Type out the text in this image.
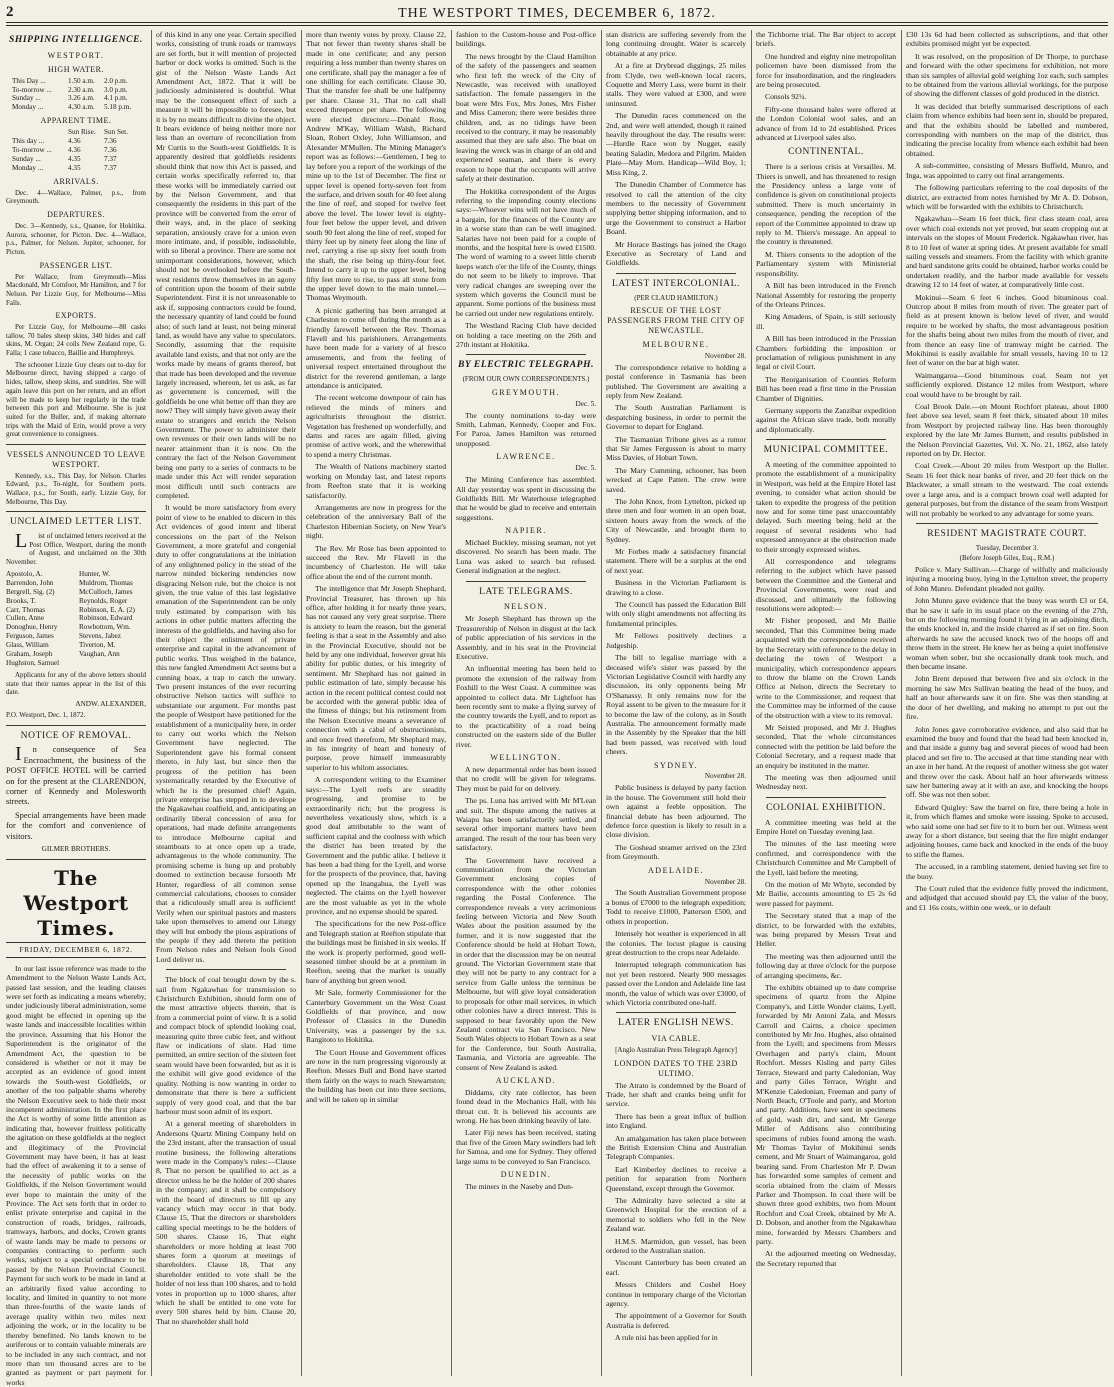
2	THE WESTPORT TIMES, DECEMBER 6, 1872.
SHIPPING INTELLIGENCE.
WESTPORT.
HIGH WATER.
This Day ...	1.50 a.m.	2.0 p.m.
To-morrow ...	2.30 a.m.	3.0 p.m.
Sunday ...	3.26 a.m.	4.1 p.m.
Monday ...	4.30 a.m.	5.18 p.m.
APPARENT TIME.
Sun Rise.	Sun Set.
This day ...	4.36	7.36
To-morrow ...	4.36	7.36
Sunday ...	4.35	7.37
Monday ...	4.35	7.37
ARRIVALS.

Dec. 4—Wallace, Palmer, p.s., from Greymouth.

DEPARTURES.

Dec. 3—Kennedy, s.s., Quanee, for Hokitika. Aurora, schooner, for Picton. Dec. 4—Wallace, p.s., Palmer, for Nelson. Jupiter, schooner, for Picton.

PASSENGER LIST.

Per Wallace, from Greymouth—Miss Macdonald, Mr Comfoot, Mr Hamilton, and 7 for Nelson. Per Lizzie Guy, for Melbourne—Miss Falls.

EXPORTS.

Per Lizzie Guy, for Melbourne—88 casks tallow, 70 bales sheep skins, 340 hides and calf skins, M. Organ; 24 coils New Zealand rope, G. Falla; 1 case tobacco, Baillie and Humphreys.

The schooner Lizzie Guy clears out to-day for Melbourne direct, having shipped a cargo of hides, tallow, sheep skins, and sundries. She will again leave this port on her return, and an effort will be made to keep her regularly in the trade between this port and Melbourne. She is just suited for the Buller, and, if making alternate trips with the Maid of Erin, would prove a very great convenience to consignees.

VESSELS ANNOUNCED TO LEAVE WESTPORT.

Kennedy, s.s., This Day, for Nelson. Charles Edward, p.s., To-night, for Southern ports. Wallace, p.s., for South, early. Lizzie Guy, for Melbourne, This Day.

UNCLAIMED LETTER LIST.

List of unclaimed letters received at the Post Office, Westport, during the month of August, and unclaimed on the 30th November.

Apostolo, A.	Hunter, W.
Barrendon, John	Muldrom, Thomas
Bergrell, Sig. (2)	McCulloch, James
Brooks, T.	Reynolds, Roger
Carr, Thomas	Robinson, E. A. (2)
Cullen, Anne	Robinson, Edward
Donoghue, Henry	Rowbottom, Wm.
Ferguson, James	Stevens, Jabez
Glass, William	Tiverton, M.
Graham, Joseph	Vaughan, Ann
Hughston, Samuel

Applicants for any of the above letters should state that their names appear in the list of this date.

ANDW. ALEXANDER,

P.O. Westport, Dec. 1, 1872.

NOTICE OF REMOVAL.

In consequence of Sea Encroachment, the business of the POST OFFICE HOTEL will be carried on for the present at the CLARENDON, corner of Kennedy and Molesworth streets.

Special arrangements have been made for the comfort and convenience of visitors.

GILMER BROTHERS.
The Westport Times.
FRIDAY, DECEMBER 6, 1872.

In our last issue reference was made to the Amendment to the Nelson Waste Lands Act, passed last session, and the leading clauses were set forth as indicating a means whereby, under judiciously liberal administration, some good might be effected in opening up the waste lands and inaccessible localities within the province. Assuming that his Honor the Superintendent is the originator of the Amendment Act, the question to be considered is whether or not it may be accepted as an evidence of good intent towards the South-west Goldfields, or another of the too palpable shams whereby the Nelson Executive seek to hide their most incompetent administration. In the first place the Act is worthy of some little attention as indicating that, however fruitless politically the agitation on these goldfields at the neglect and illegitimacy of the Provincial Government may have been, it has at least had the effect of awakening it to a sense of the necessity of public works on the Goldfields, if the Nelson Government would ever hope to maintain the unity of the Province. The Act sets forth that in order to enlist private enterprise and capital in the construction of roads, bridges, railroads, tramways, harbors, and docks, Crown grants of waste lands may be made to persons or companies contracting to perform such works, subject to a special ordinance to be passed by the Nelson Provincial Council. Payment for such work to be made in land at an arbitrarily fixed value according to locality, and limited in quantity to not more than three-fourths of the waste lands of average quality within two miles next adjoining the work, or in the locality to be thereby benefitted. No lands known to be auriferous or to contain valuable minerals are to be included in any such contract, and not more than ten thousand acres are to be granted as payment or part payment for works

of this kind in any one year. Certain specified works, consisting of trunk roads or tramways are set forth, but it will mention of projected harbor or dock works is omitted. Such is the gist of the Nelson Waste Lands Act Amendment Act, 1872. That it will be judiciously administered is doubtful. What may be the consequent effect of such a measure it will be impossible to foresee, but it is by no means difficult to divine the object. It bears evidence of being neither more nor less than an overture of reconciliation from Mr Curtis to the South-west Goldfields. It is apparently desired that goldfields residents should think that now this Act is passed, and certain works specifically referred to, that these works will be immediately carried out by the Nelson Government, and that consequently the residents in this part of the province will be converted from the error of their ways, and, in the place of seeking separation, anxiously crave for a union even more intimate, and, if possible, indissoluble, with so liberal a province. There are some not unimportant considerations, however, which should not be overlooked before the South-west residents throw themselves in an agony of contrition upon the bosom of their subtle Superintendent. First it is not unreasonable to ask if, supposing contractors could be found, the necessary quantity of land could be found also; of such land at least, not being mineral land, as would have any value to speculators. Secondly, assuming that the requisite available land exists, and that not only are the works made by means of grants thereof, but that trade has been developed and the revenue largely increased, whereon, let us ask, as far as government is concerned, will the goldfields be one whit better off than they are now? They will simply have given away their estate to strangers and enrich the Nelson Government. The power to administer their own revenues or their own lands will be no nearer attainment than it is now. On the contrary the fact of the Nelson Government being one party to a series of contracts to be made under this Act will render separation most difficult until such contracts are completed.

It would be more satisfactory from every point of view to be enabled to discern in this Act evidences of good intent and liberal concessions on the part of the Nelson Government, a more grateful and congenial duty to offer congratulations at the initiation of any enlightened policy in the stead of the narrow minded bickering tendencies now disgracing Nelson rule, but the choice is not given, the true value of this last legislative emanation of the Superintendent can be only truly estimated by comparison with his actions in other public matters affecting the interests of the goldfields, and having also for their object the enlistment of private enterprise and capital in the advancement of public works. Thus weighed in the balance, this new fangled Amendment Act seems but a cunning hoax, a trap to catch the unwary. Two present instances of the ever recurring obstructive Nelson tactics will suffice to substantiate our argument. For months past the people of Westport have petitioned for the establishment of a municipality here, in order to carry out works which the Nelson Government have neglected. The Superintendent gave his formal consent thereto, in July last, but since then the progress of the petition has been systematically retarded by the Executive of which he is the presumed chief! Again, private enterprise has stepped in to develope the Ngakawhau coalfield, and, anticipating an ordinarily liberal concession of area for operations, had made definite arrangements to introduce Melbourne capital and steamboats to at once open up a trade, advantageous to the whole community. The promising scheme is hung up and probably doomed to extinction because forsooth Mr Hunter, regardless of all common sense commercial calculations, chooses to consider that a ridiculously small area is sufficient! Verily when our spiritual pastors and masters take upon themselves to amend our Liturgy they will but embody the pious aspirations of the people if they add thereto the petition From Nelson rules and Nelson fools Good Lord deliver us.

The block of coal brought down by the s. sail from Ngakawhau for transmission to Christchurch Exhibition, should form one of the most attractive objects therein, that is from a commercial point of view. It is a solid and compact block of splendid looking coal, measuring quite three cubic feet, and without flaw or indications of slate. Had time permitted, an entire section of the sixteen feet seam would have been forwarded, but as it is the exhibit will give good evidence of the quality. Nothing is now wanting in order to demonstrate that there is here a sufficient supply of very good coal, and that the bar harbour must soon admit of its export.

At a general meeting of shareholders in Andersons Quartz Mining Company held on the 23rd instant, after the transaction of usual routine business, the following alterations were made in the Company's rules:—Clause 8, That no person be qualified to act as a director unless he be the holder of 200 shares in the company; and it shall be compulsory with the board of directors to fill up any vacancy which may occur in that body. Clause 15, That the directors or shareholders calling special meetings to be the holders of 500 shares. Clause 16, That eight shareholders or more holding at least 700 shares form a quorum at meetings of shareholders. Clause 18, That any shareholder entitled to vote shall be the holder of not less than 100 shares, and to hold votes in proportion up to 1000 shares, after which he shall be entitled to one vote for every 500 shares held by him. Clause 20, That no shareholder shall hold

more than twenty votes by proxy. Clause 22, That not fewer than twenty shares shall be made in one certificate; and any person requiring a less number than twenty shares on one certificate, shall pay the manager a fee of one shilling for each certificate. Clause 30, That the transfer fee shall be one halfpenny per share. Clause 31, That no call shall exceed threepence per share. The following were elected directors:—Donald Ross, Andrew M'Kay, William Walsh, Richard Sloan, Robert Oxley, John Williamson, and Alexander M'Mullen. The Mining Manager's report was as follows:—Gentlemen, I beg to lay before you a report of the workings of the mine up to the 1st of December. The first or upper level is opened forty-seven feet from the surface, and driven south for 40 feet along the line of reef, and stoped for twelve feet above the level. The lower level is eighty-four feet below the upper level, and driven south 90 feet along the line of reef, stoped for thirty feet up by ninety feet along the line of reef, carrying a rise up sixty feet south from the shaft, the rise being up thirty-four feet. Intend to carry it up to the upper level, being fifty feet more to rise, to pass all stone from the upper level down to the main tunnel.—Thomas Weymouth.

A picnic gathering has been arranged at Charleston to come off during the month as a friendly farewell between the Rev. Thomas Flavell and his parishioners. Arrangements have been made for a variety of al fresco amusements, and from the feeling of universal respect entertained throughout the district for the reverend gentleman, a large attendance is anticipated.

The recent welcome downpour of rain has relieved the minds of miners and agriculturists throughout the district. Vegetation has freshened up wonderfully, and dams and races are again filled, giving promise of active work, and the wherewithal to spend a merry Christmas.

The Wealth of Nations machinery started working on Monday last, and latest reports from Reefton state that it is working satisfactorily.

Arrangements are now in progress for the celebration of the anniversary Ball of the Charleston Hibernian Society, on New Year's night.

The Rev. Mr Rose has been appointed to succeed the Rev. Mr Flavell in the incumbency of Charleston. He will take office about the end of the current month.

The intelligence that Mr Joseph Shephard, Provincial Treasurer, has thrown up his office, after holding it for nearly three years, has not caused any very great surprise. There is anxiety to learn the reason, but the general feeling is that a seat in the Assembly and also in the Provincial Executive, should not be held by any one individual, however great his ability for public duties, or his integrity of sentiment. Mr Shephard has not gained in public estimation of late, simply because his action in the recent political contest could not be accorded with the general public idea of the fitness of things; but his retirement from the Nelson Executive means a severance of connection with a cabal of obstructionists, and once freed therefrom, Mr Shephard may, in his integrity of heart and honesty of purpose, prove himself immeasurably superior to his whilom associates.

A correspondent writing to the Examiner says:—The Lyell reefs are steadily progressing, and promise to be extraordinarily rich; but the progress is nevertheless vexatiously slow, which is a good deal attributable to the want of sufficient capital and the coolness with which the district has been treated by the Government and the public alike. I believe it has been a bad thing for the Lyell, and worse for the prospects of the province, that, having opened up the Inangahua, the Lyell was neglected. The claims on the Lyell however are the most valuable as yet in the whole province, and no expense should be spared.

The specifications for the new Post-office and Telegraph station at Reefton stipulate that the buildings must be finished in six weeks. If the work is properly performed, good well-seasoned timber should be at a premium in Reefton, seeing that the market is usually bare of anything but green wood.

Mr Sale, formerly Commissioner for the Canterbury Government on the West Coast Goldfields of that province, and now Professor of Classics in the Dunedin University, was a passenger by the s.s. Rangitoto to Hokitika.

The Court House and Government offices are now in the turn progressing vigorously at Reefton. Messrs Bull and Bond have started them fairly on the ways to reach Stewartston; the building has been cut into three sections, and will be taken up in similar

fashion to the Custom-house and Post-office buildings.

The news brought by the Claud Hamilton of the safety of the passengers and seamen who first left the wreck of the City of Newcastle, was received with unalloyed satisfaction. The female passengers in the boat were Mrs Fox, Mrs Jones, Mrs Fisher and Miss Cameron; there were besides three children, and, as no tidings have been received to the contrary, it may be reasonably assumed that they are safe also. The boat on leaving the wreck was in charge of an old and experienced seaman, and there is every reason to hope that the occupants will arrive safely at their destination.

The Hokitika correspondent of the Argus referring to the impending county elections says:—Whoever wins will not have much of a bargain, for the finances of the County are in a worse state than can be well imagined. Salaries have not been paid for a couple of months, and the hospital here is owed £1500. The word of warning to a sweet little cherub keeps watch o'er the life of the County, things do not seem to be likely to improve. That very radical changes are sweeping over the system which governs the Council must be apparent. Some portions of the business must be carried out under new regulations entirely.

The Westland Racing Club have decided on holding a race meeting on the 26th and 27th instant at Hokitika.

BY ELECTRIC TELEGRAPH.
(FROM OUR OWN CORRESPONDENTS.)
GREYMOUTH.
Dec. 5.

The county nominations to-day were Smith, Lahman, Kennedy, Cooper and Fox. For Paroa, James Hamilton was returned unopposed.

LAWRENCE.
Dec. 5.

The Mining Conference has assembled. All day yesterday was spent in discussing the Goldfields Bill. Mr Waterhouse telegraphed that he would be glad to receive and entertain suggestions.

NAPIER.

Michael Buckley, missing seaman, not yet discovered. No search has been made. The Luna was asked to search but refused. General indignation at the neglect.

LATE TELEGRAMS.
NELSON.

Mr Joseph Shephard has thrown up the Treasurership of Nelson in disgust at the lack of public appreciation of his services in the Assembly, and in his seat in the Provincial Executive.

An influential meeting has been held to promote the extension of the railway from Foxhill to the West Coast. A committee was appointed to collect data. Mr Lightfoot has been recently sent to make a flying survey of the country towards the Lyell, and to report as to the practicability of a road being constructed on the eastern side of the Buller river.

WELLINGTON.

A new departmental order has been issued that no credit will be given for telegrams. They must be paid for on delivery.

The ps. Luna has arrived with Mr M'Lean and suit. The dispute among the natives at Waiapu has been satisfactorily settled, and several other important matters have been arranged. The result of the tour has been very satisfactory.

The Government have received a communication from the Victorian Government enclosing copies of correspondence with the other colonies regarding the Postal Conference. The correspondence reveals a very acrimonious feeling between Victoria and New South Wales about the position assumed by the former, and it is now suggested that the Conference should be held at Hobart Town, in order that the discussion may be on neutral ground. The Victorian Government state that they will not be party to any contract for a service from Galle unless the terminus be Melbourne, but will give loyal consideration to proposals for other mail services, in which other colonies have a direct interest. This is supposed to bear favorably upon the New Zealand contract via San Francisco. New South Wales objects to Hobart Town as a seat for the Conference, but South Australia, Tasmania, and Victoria are agreeable. The consent of New Zealand is asked.

AUCKLAND.

Diddams, city rate collector, has been found dead in the Mechanics Hall, with his throat cut. It is believed his accounts are wrong. He has been drinking heavily of late.

Later Fiji news has been received, stating that five of the Green Mary swindlers had left for Samoa, and one for Sydney. They offered large sums to be conveyed to San Francisco.

DUNEDIN.

The miners in the Naseby and Dun-

stan districts are suffering severely from the long continuing drought. Water is scarcely obtainable at any price.

At a fire at Drybread diggings, 25 miles from Clyde, two well-known local racers, Coquette and Merry Lass, were burnt in their stalls. They were valued at £300, and were uninsured.

The Dunedin races commenced on the 2nd, and were well attended, though it rained heavily throughout the day. The results were:—Hurdle Race won by Nugget, easily beating Saladin, Medora and Pilgrim. Maiden Plate—May Morn. Handicap—Wild Boy, 1; Miss King, 2.

The Dunedin Chamber of Commerce has resolved to call the attention of the city members to the necessity of Government supplying better shipping information, and to urge the Government to construct a Harbor Board.

Mr Horace Bastings has joined the Otago Executive as Secretary of Land and Goldfields.

LATEST INTERCOLONIAL.
(PER CLAUD HAMILTON.)
RESCUE OF THE LOST PASSENGERS FROM THE CITY OF NEWCASTLE.
MELBOURNE.
November 28.

The correspondence relative to holding a postal conference in Tasmania has been published. The Government are awaiting a reply from New Zealand.

The South Australian Parliament is despatching business, in order to permit the Governor to depart for England.

The Tasmanian Tribune gives as a rumor that Sir James Fergusson is about to marry Miss Davies, of Hobart Town.

The Mary Cumming, schooner, has been wrecked at Cape Patten. The crew were saved.

The John Knox, from Lyttelton, picked up three men and four women in an open boat, sixteen hours away from the wreck of the City of Newcastle, and brought them to Sydney.

Mr Forbes made a satisfactory financial statement. There will be a surplus at the end of next year.

Business in the Victorian Parliament is drawing to a close.

The Council has passed the Education Bill with only slight amendments not affecting its fundamental principles.

Mr Fellows positively declines a Judgeship.

The bill to legalise marriage with a deceased wife's sister was passed by the Victorian Legislative Council with hardly any discussion, its only opponents being Mr O'Shanassy. It only remains now for the Royal assent to be given to the measure for it to become the law of the colony, as in South Australia. The announcement formally made in the Assembly by the Speaker that the bill had been passed, was received with loud cheers.

SYDNEY.
November 28.

Public business is delayed by party faction in the house. The Government still hold their own against a feeble opposition. The financial debate has been adjourned. The defence force question is likely to result in a close division.

The Goshead steamer arrived on the 23rd from Greymouth.

ADELAIDE.
November 28.

The South Australian Government propose a bonus of £7000 to the telegraph expedition; Todd to receive £1000, Patterson £500, and others in proportion.

Intensely hot weather is experienced in all the colonies. The locust plague is causing great destruction to the crops near Adelaide.

Interrupted telegraph communication has not yet been restored. Nearly 900 messages passed over the London and Adelaide line last month, the value of which was over £3000, of which Victoria contributed one-half.

LATER ENGLISH NEWS.
VIA CABLE.
[Anglo Australian Press Telegraph Agency]
LONDON DATES TO THE 23RD ULTIMO.

The Atrato is condemned by the Board of Trade, her shaft and cranks being unfit for service.

There has been a great influx of bullion into England.

An amalgamation has taken place between the British Extension China and Australian Telegraph Companies.

Earl Kimberley declines to receive a petition for separation from Northern Queensland, except through the Governor.

The Admiralty have selected a site at Greenwich Hospital for the erection of a memorial to soldiers who fell in the New Zealand war.

H.M.S. Marmidon, gun vessel, has been ordered to the Australian station.

Viscount Canterbury has been created an earl.

Messrs Childers and Coshel Hoey continue in temporary charge of the Victorian agency.

The appointment of a Governor for South Australia is deferred.

A rule nisi has been applied for in

the Tichborne trial. The Bar object to accept briefs.

One hundred and eighty nine metropolitan policemen have been dismissed from the force for insubordination, and the ringleaders are being prosecuted.

Consols 92¼.

Fifty-one thousand bales were offered at the London Colonial wool sales, and an advance of from 1d to 2d established. Prices advanced at Liverpool sales also.

CONTINENTAL.

There is a serious crisis at Versailles. M. Thiers is unwell, and has threatened to resign the Presidency unless a large vote of confidence is given on constitutional projects submitted. There is much uncertainty in consequence, pending the reception of the report of the Committee appointed to draw up reply to M. Thiers's message. An appeal to the country is threatened.

M. Thiers consents to the adoption of the Parliamentary system with Ministerial responsibility.

A Bill has been introduced in the French National Assembly for restoring the property of the Orleans Princes.

King Amadeus, of Spain, is still seriously ill.

A Bill has been introduced in the Prussian Chambers forbidding the imposition or proclamation of religious punishment in any legal or civil Court.

The Reorganisation of Counties Reform Bill has been read a first time in the Prussian Chamber of Dignities.

Germany supports the Zanzibar expedition against the African slave trade, both morally and diplomatically.

MUNICIPAL COMMITTEE.

A meeting of the committee appointed to promote the establishment of a municipality in Westport, was held at the Empire Hotel last evening, to consider what action should be taken to expedite the progress of the petition now and for some time past unaccountably delayed. Such meeting being held at the request of several residents who had expressed annoyance at the obstruction made to their strongly expressed wishes.

All correspondence and telegrams referring to the subject which have passed between the Committee and the General and Provincial Governments, were read and discussed, and ultimately the following resolutions were adopted:—

Mr Fisher proposed, and Mr Bailie seconded, That this Committee being made acquainted with the correspondence received by the Secretary with reference to the delay in declaring the town of Westport a municipality, which correspondence appears to throw the blame on the Crown Lands Office at Nelson, directs the Secretary to write to the Commissioner, and request that the Committee may be informed of the cause of the obstruction with a view to its removal.

Mr Seisted proposed, and Mr J. Hughes seconded, That the whole circumstances connected with the petition be laid before the Colonial Secretary, and a request made that an enquiry be instituted in the matter.

The meeting was then adjourned until Wednesday next.

COLONIAL EXHIBITION.

A committee meeting was held at the Empire Hotel on Tuesday evening last.

The minutes of the last meeting were confirmed, and correspondence with the Christchurch Committee and Mr Campbell of the Lyell, laid before the meeting.

On the motion of Mr Whyte, seconded by Mr Bailie, accounts amounting to £5 2s 6d were passed for payment.

The Secretary stated that a map of the district, to be forwarded with the exhibits, was being prepared by Messrs Treat and Heller.

The meeting was then adjourned until the following day at three o'clock for the purpose of arranging specimens, &c.

The exhibits obtained up to date comprise specimens of quartz from the Alpine Company's, and Little Wonder claims, Lyell, forwarded by Mr Antoni Zala, and Messrs Carroll and Cairns, a choice specimen contributed by Mr Jno. Hughes, also obtained from the Lyell; and specimens from Messrs Overhagen and party's claim, Mount Rochfort. Messrs Kisling and party Giles Terrace, Steward and party Caledonian, Way and party Giles Terrace, Wright and M'Kenzie Caledonian, Freeman and party of North Beach, O'Toole and party, and Morton and party. Additions, have sent in specimens of gold, wash dirt, and sand, Mr George Miller of Addisons also contributing specimens of rubies found among the wash. Mr Thomas Taylor of Mokihinui sends cement, and Mr Stuart of Waimangaroa, gold bearing sand. From Charleston Mr P. Dwan has forwarded some samples of cement and scoria obtained from the claim of Messrs Parker and Thompson. In coal there will be shown three good exhibits, two from Mount Rochfort and Coal Creek, obtained by Mr A. D. Dobson, and another from the Ngakawhau mine, forwarded by Messrs Chambers and party.

At the adjourned meeting on Wednesday, the Secretary reported that

£30 13s 6d had been collected as subscriptions, and that other exhibits promised might yet be expected.

It was resolved, on the proposition of Dr Thorpe, to purchase and forward with the other specimens for exhibition, not more than six samples of alluvial gold weighing 1oz each, such samples to be obtained from the various alluvial workings, for the purpose of showing the different classes of gold produced in the district.

It was decided that briefly summarised descriptions of each claim from whence exhibits had been sent in, should be prepared, and that the exhibits should be labelled and numbered, corresponding with numbers on the map of the district, thus indicating the precise locality from whence each exhibit had been obtained.

A sub-committee, consisting of Messrs Buffield, Munro, and Inga, was appointed to carry out final arrangements.

The following particulars referring to the coal deposits of the district, are extracted from notes furnished by Mr A. D. Dobson, which will be forwarded with the exhibits to Christchurch.

Ngakawhau—Seam 16 feet thick, first class steam coal, area over which coal extends not yet proved, but seam cropping out at intervals on the slopes of Mount Frederick. Ngakawhau river, has 8 to 10 feet of water at spring tides. At present available for small sailing vessels and steamers. From the facility with which granite and hard sandstone grits could be obtained, harbor works could be undertaken readily, and the harbor made available for vessels drawing 12 to 14 feet of water, at comparatively little cost.

Mokinui—Seam 6 feet 6 inches. Good bituminous coal. Outcrop about 8 miles from mouth of river. The greater part of field as at present known is below level of river, and would require to be worked by shafts, the most advantageous position for the shafts being about two miles from the mouth of river, and from thence an easy line of tramway might be carried. The Mokihinui is easily available for small vessels, having 10 to 12 feet of water on the bar at high water.

Waimangaroa—Good bituminous coal. Seam not yet sufficiently explored. Distance 12 miles from Westport, where coal would have to be brought by rail.

Coal Brook Dale.—on Mount Rochfort plateau, about 1800 feet above sea level, seam 8 feet thick, situated about 10 miles from Westport by projected railway line. Has been thoroughly explored by the late Mr James Burnett, and results published in the Nelson Provincial Gazettes, Vol. X. No. 21, 1862, also lately reported on by Dr. Hector.

Coal Creek.—About 20 miles from Westport up the Buller. Seam 16 feet thick near banks of river, and 20 feet thick on the Blackwater, a small stream to the westward. The coal extends over a large area, and is a compact brown coal well adapted for general purposes, but from the distance of the seam from Westport will not probably be worked to any advantage for some years.

RESIDENT MAGISTRATE COURT.
Tuesday, December 3.
(Before Joseph Giles, Esq., R.M.)

Police v. Mary Sullivan.—Charge of wilfully and maliciously injuring a mooring buoy, lying in the Lyttelton street, the property of John Munro. Defendant pleaded not guilty.

John Munro gave evidence that the buoy was worth £3 or £4, that he saw it safe in its usual place on the evening of the 27th, but on the following morning found it lying in an adjoining ditch, the ends knocked in, and the inside charred as if set on fire. Soon afterwards he saw the accused knock two of the hoops off and throw them in the street. He knew her as being a quiet inoffensive woman when sober, but she occasionally drank took much, and then became insane.

John Brent deposed that between five and six o'clock in the morning he saw Mrs Sullivan beating the head of the buoy, and half an hour afterwards saw it on fire. She was then standing at the door of her dwelling, and making no attempt to put out the fire.

John Jones gave corroborative evidence, and also said that he examined the buoy and found that the head had been knocked in, and that inside a gunny bag and several pieces of wood had been placed and set fire to. The accused at that time standing near with an axe in her hand. At the request of another witness she got water and threw over the cask. About half an hour afterwards witness saw her battering away at it with an axe, and knocking the hoops off. She was not then sober.

Edward Quigley: Saw the barrel on fire, there being a hole in it, from which flames and smoke were issuing. Spoke to accused, who said some one had set fire to it to burn her out. Witness went away for a short distance, but seeing that the fire might endanger adjoining houses, came back and knocked in the ends of the buoy to stifle the flames.

The accused, in a rambling statement, denied having set fire to the buoy.

The Court ruled that the evidence fully proved the indictment, and adjudged that accused should pay £3, the value of the buoy, and £1 16s costs, within one week, or in default
